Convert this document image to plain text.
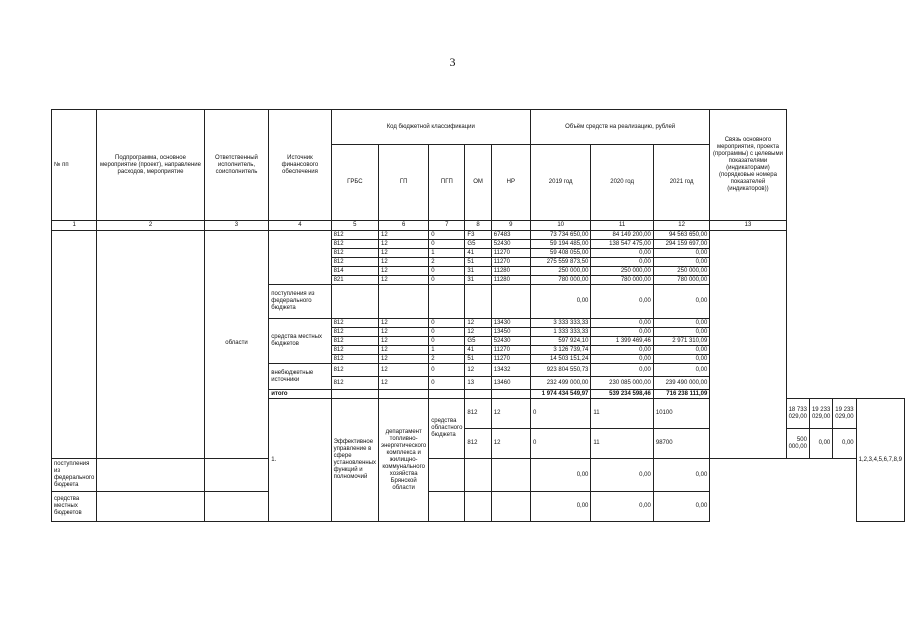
3
№ пп	Подпрограмма, основное мероприятие (проект), направление расходов, мероприятие	Ответственный исполнитель, соисполнитель	Источник финансового обеспечения	Код бюджетной классификации					Объём средств на реализацию, рублей			Связь основного мероприятия, проекта (программы) с целевыми показателями (индикаторами) (порядковые номера показателей (индикаторов))				
				ГРБС	ГП	ПГП	ОМ	НР	2019 год	2020 год	2021 год					
1	2	3	4	5	6	7	8	9	10	11	12	13				

		области		812	12	0	F3	67483	73 734 650,00	84 149 200,00	94 563 650,00					
				812	12	0	G5	52430	59 194 485,00	138 547 475,00	294 159 697,00					
				812	12	1	41	11270	59 408 055,00	0,00	0,00					
				812	12	2	51	11270	275 559 873,50	0,00	0,00					
				814	12	0	31	11280	250 000,00	250 000,00	250 000,00					
				821	12	0	31	11280	780 000,00	780 000,00	780 000,00					
			поступления из федерального бюджета						0,00	0,00	0,00					
			средства местных бюджетов	812	12	0	12	13430	3 333 333,33	0,00	0,00					
				812	12	0	12	13450	1 333 333,33	0,00	0,00					
				812	12	0	G5	52430	597 924,10	1 399 469,46	2 971 310,09					
				812	12	1	41	11270	3 126 739,74	0,00	0,00					
				812	12	2	51	11270	14 503 151,24	0,00	0,00					
			внебюджетные источники	812	12	0	12	13432	923 804 550,73	0,00	0,00					
				812	12	0	13	13460	232 499 000,00	230 085 000,00	239 490 000,00					
			итого						1 974 434 549,97	539 234 598,46	716 238 111,09					
			1.	Эффективное управление в сфере установленных функций и полномочий	департамент топливно-энергетического комплекса и жилищно-коммунального хозяйства Брянской области	средства областного бюджета	812	12	0	11	10100		18 733 029,00	19 233 029,00	19 233 029,00	1,2,3,4,5,6,7,8,9
							812	12	0	11	98700		500 000,00	0,00	0,00	
поступления из федерального бюджета									0,00	0,00	0,00					
средства местных бюджетов									0,00	0,00	0,00					
